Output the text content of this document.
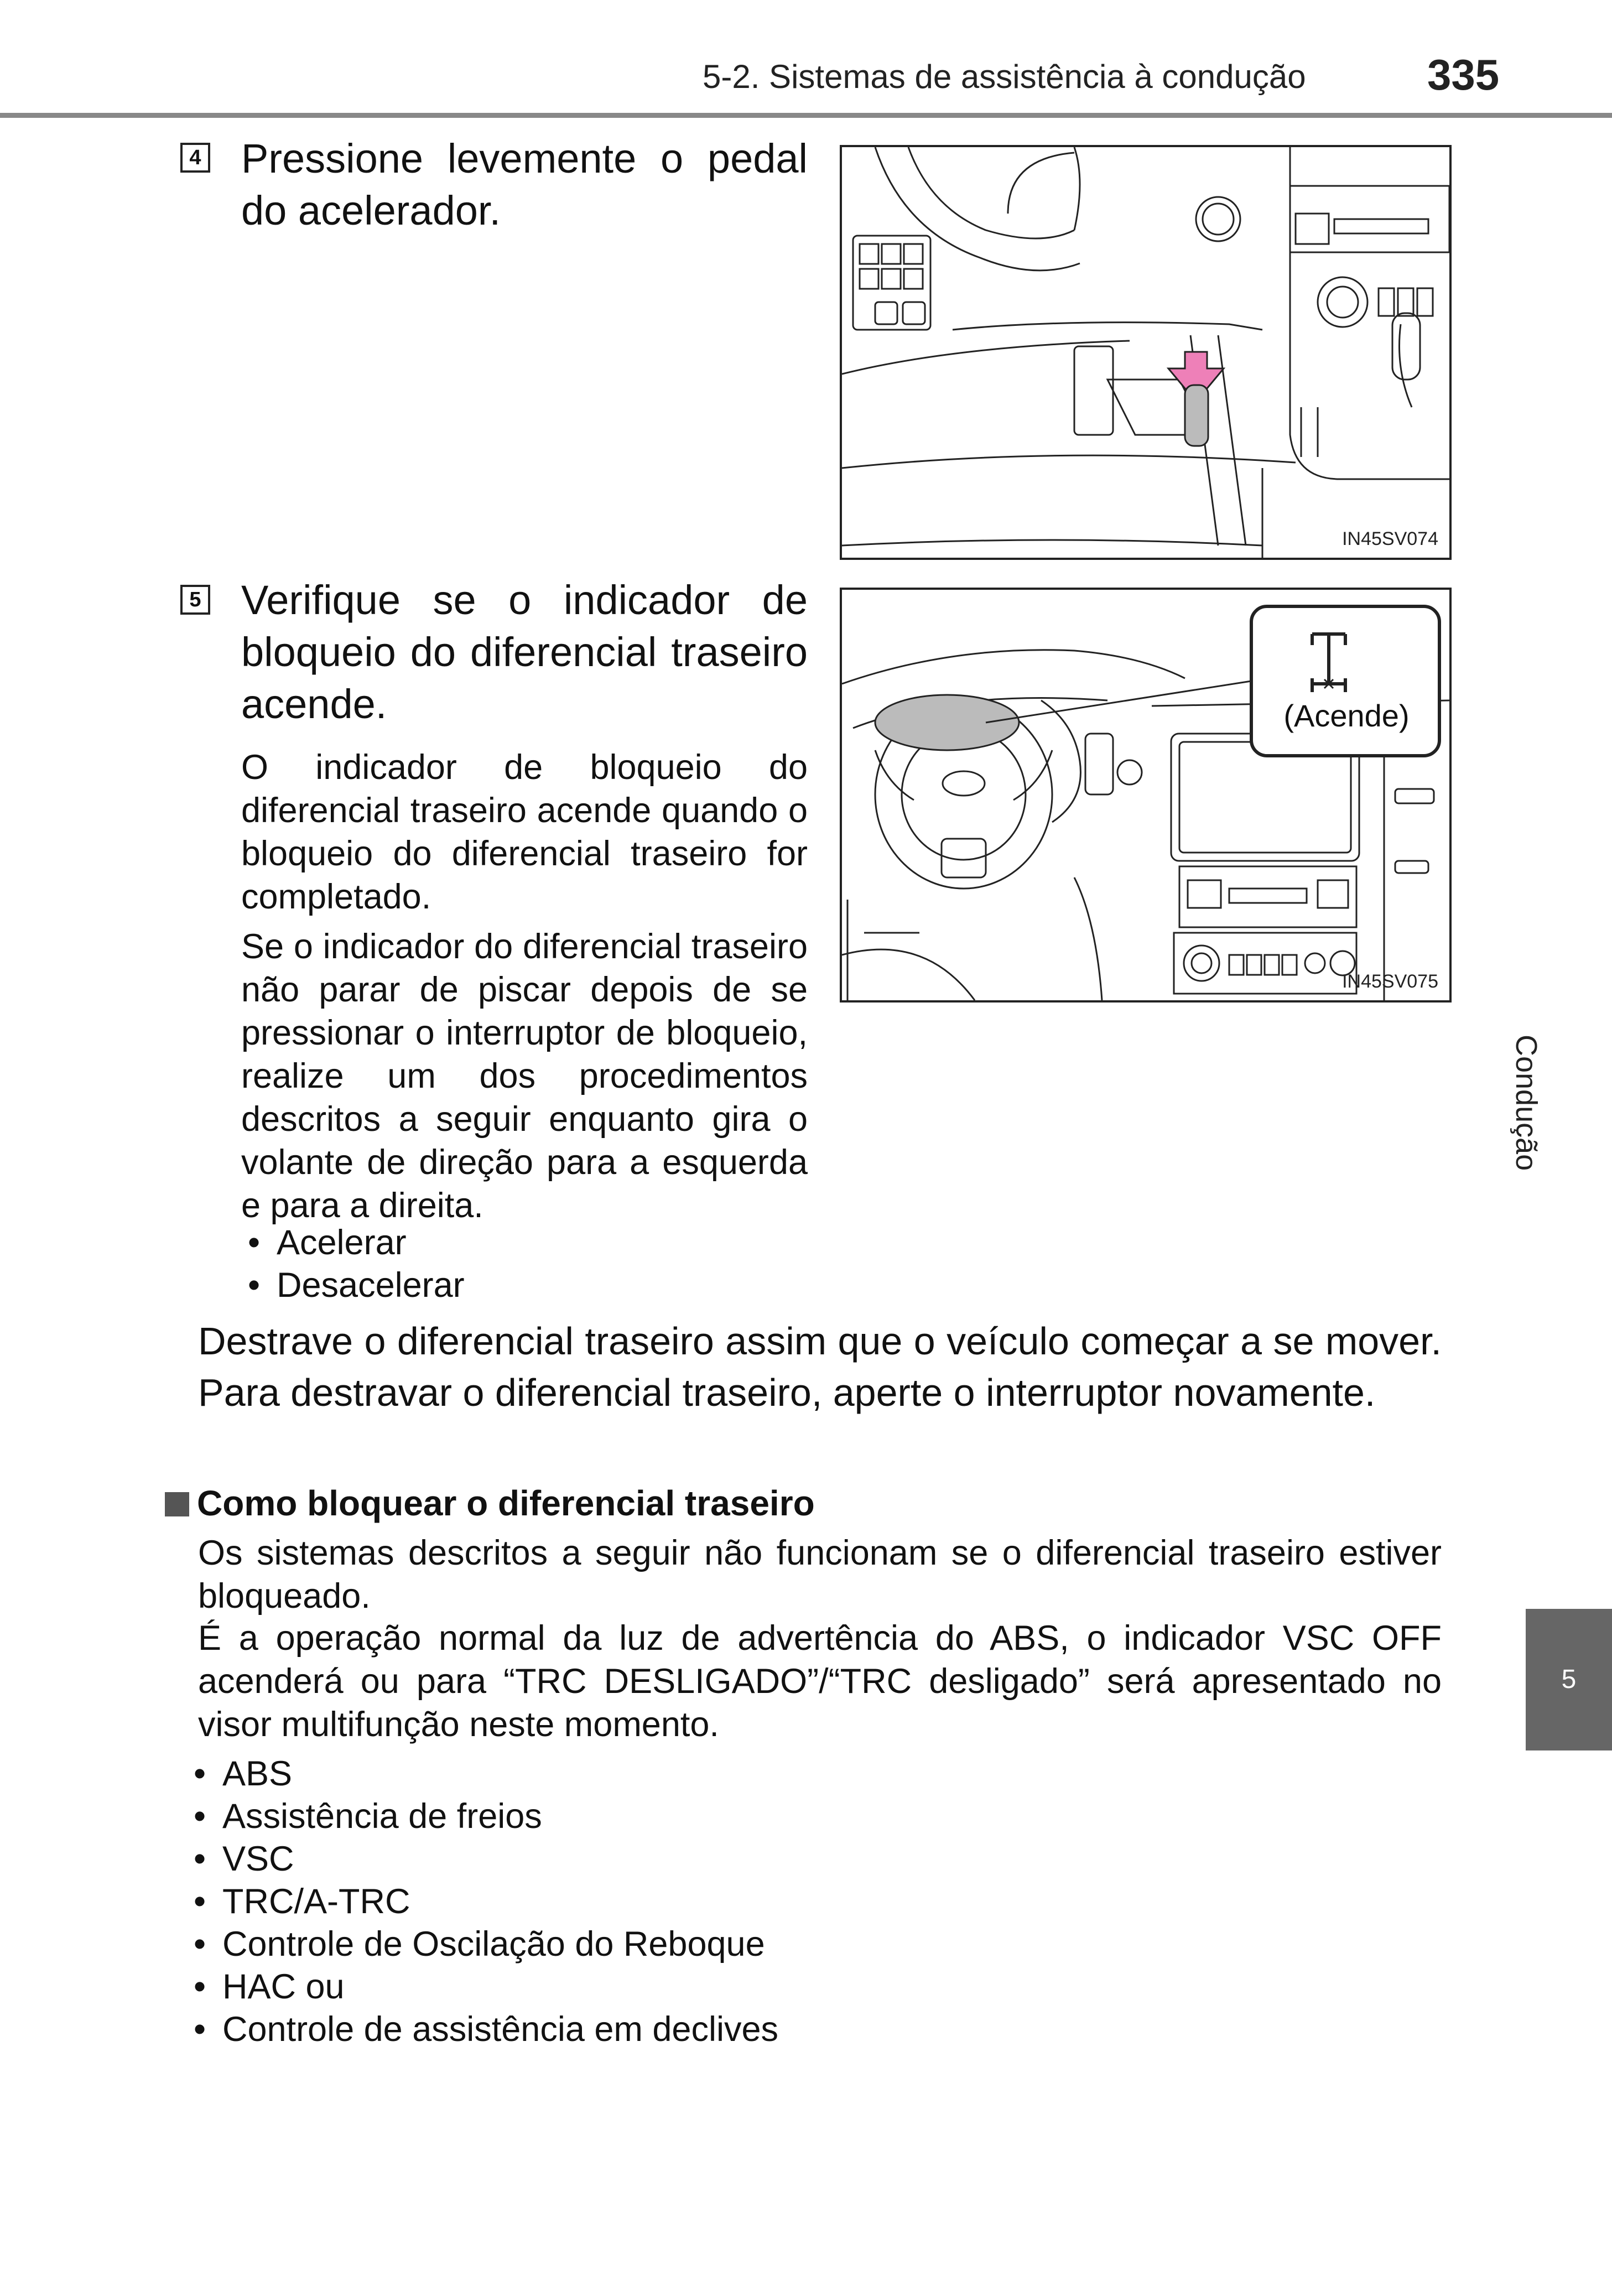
5-2. Sistemas de assistência à condução	335
4 Pressione levemente o pedal do acelerador.
IN45SV074
5 Verifique se o indicador de bloqueio do diferencial traseiro acende.
O indicador de bloqueio do diferencial traseiro acende quando o bloqueio do diferencial traseiro for completado.
Se o indicador do diferencial traseiro não parar de piscar depois de se pressionar o interruptor de bloqueio, realize um dos procedimentos descritos a seguir enquanto gira o volante de direção para a esquerda e para a direita.
• Acelerar
• Desacelerar
(Acende)
IN45SV075
Destrave o diferencial traseiro assim que o veículo começar a se mover. Para destravar o diferencial traseiro, aperte o interruptor novamente.
Como bloquear o diferencial traseiro
Os sistemas descritos a seguir não funcionam se o diferencial traseiro estiver bloqueado.
É a operação normal da luz de advertência do ABS, o indicador VSC OFF acenderá ou para “TRC DESLIGADO”/“TRC desligado” será apresentado no visor multifunção neste momento.
• ABS
• Assistência de freios
• VSC
• TRC/A-TRC
• Controle de Oscilação do Reboque
• HAC ou
• Controle de assistência em declives
5
Condução
